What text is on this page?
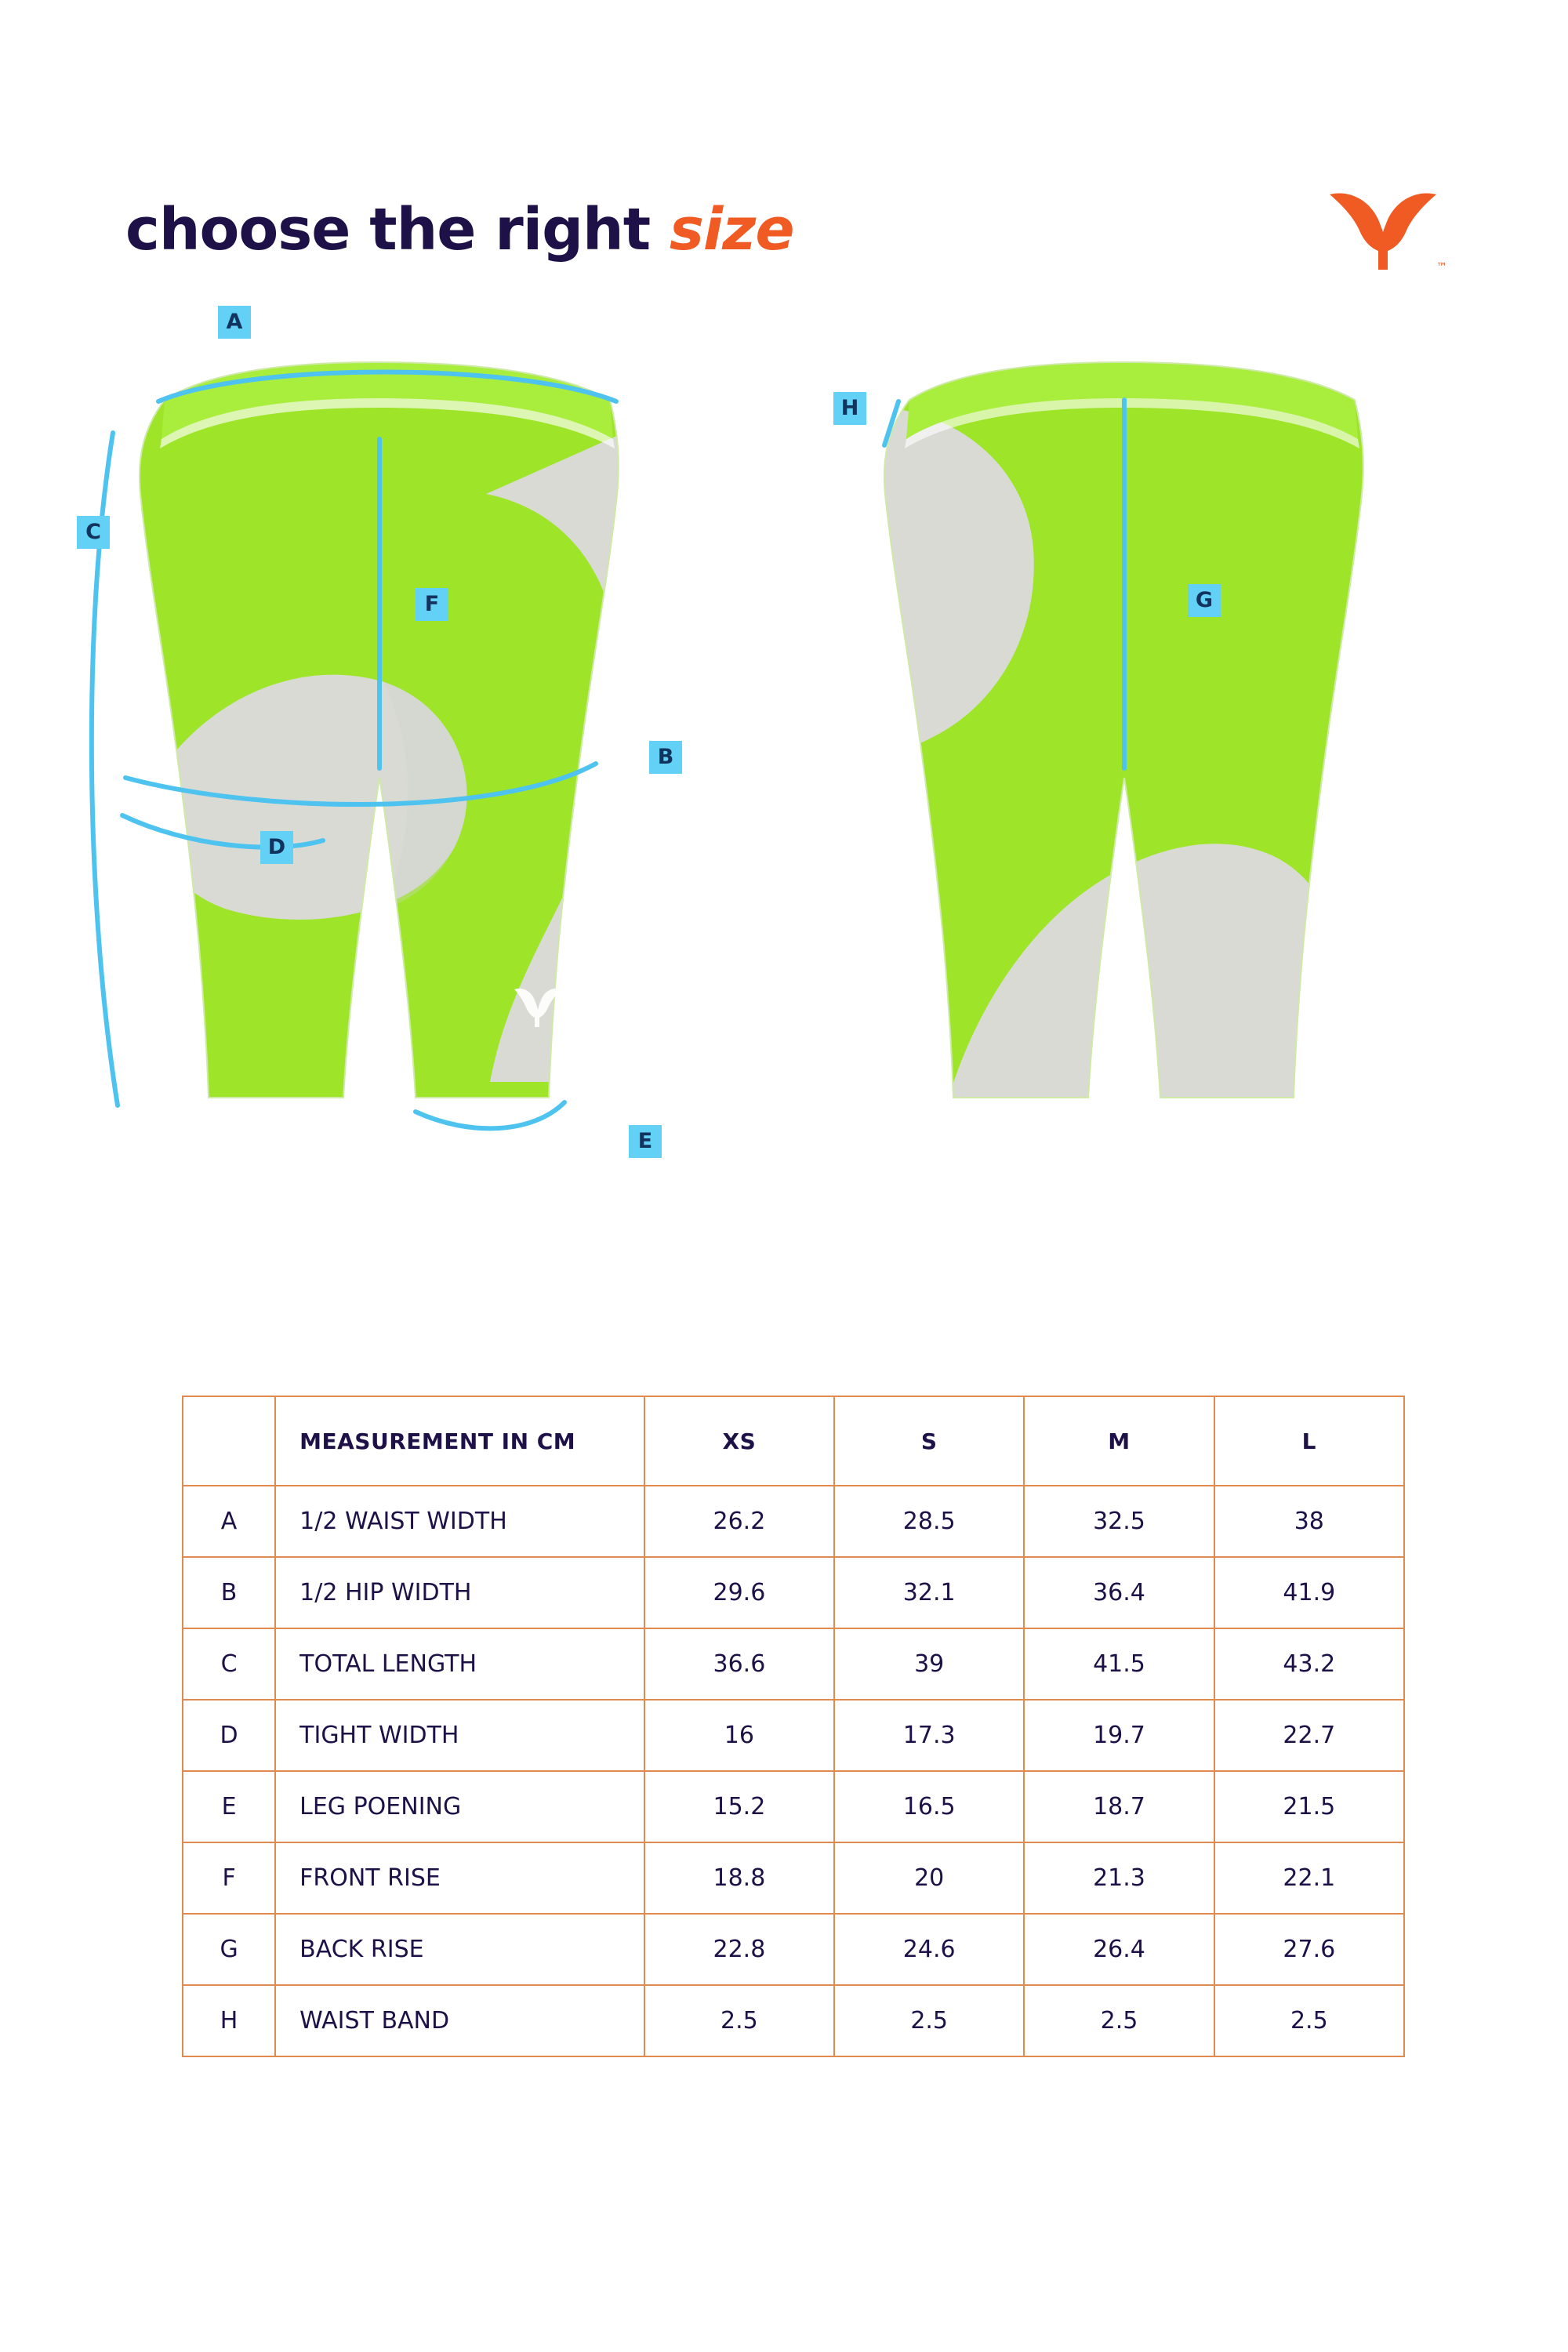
choose the right size
™
A
C
F
B
D
E
H
G
	MEASUREMENT IN CM	XS	S	M	L
A	1/2 WAIST WIDTH	26.2	28.5	32.5	38
B	1/2 HIP WIDTH	29.6	32.1	36.4	41.9
C	TOTAL LENGTH	36.6	39	41.5	43.2
D	TIGHT WIDTH	16	17.3	19.7	22.7
E	LEG POENING	15.2	16.5	18.7	21.5
F	FRONT RISE	18.8	20	21.3	22.1
G	BACK RISE	22.8	24.6	26.4	27.6
H	WAIST BAND	2.5	2.5	2.5	2.5
